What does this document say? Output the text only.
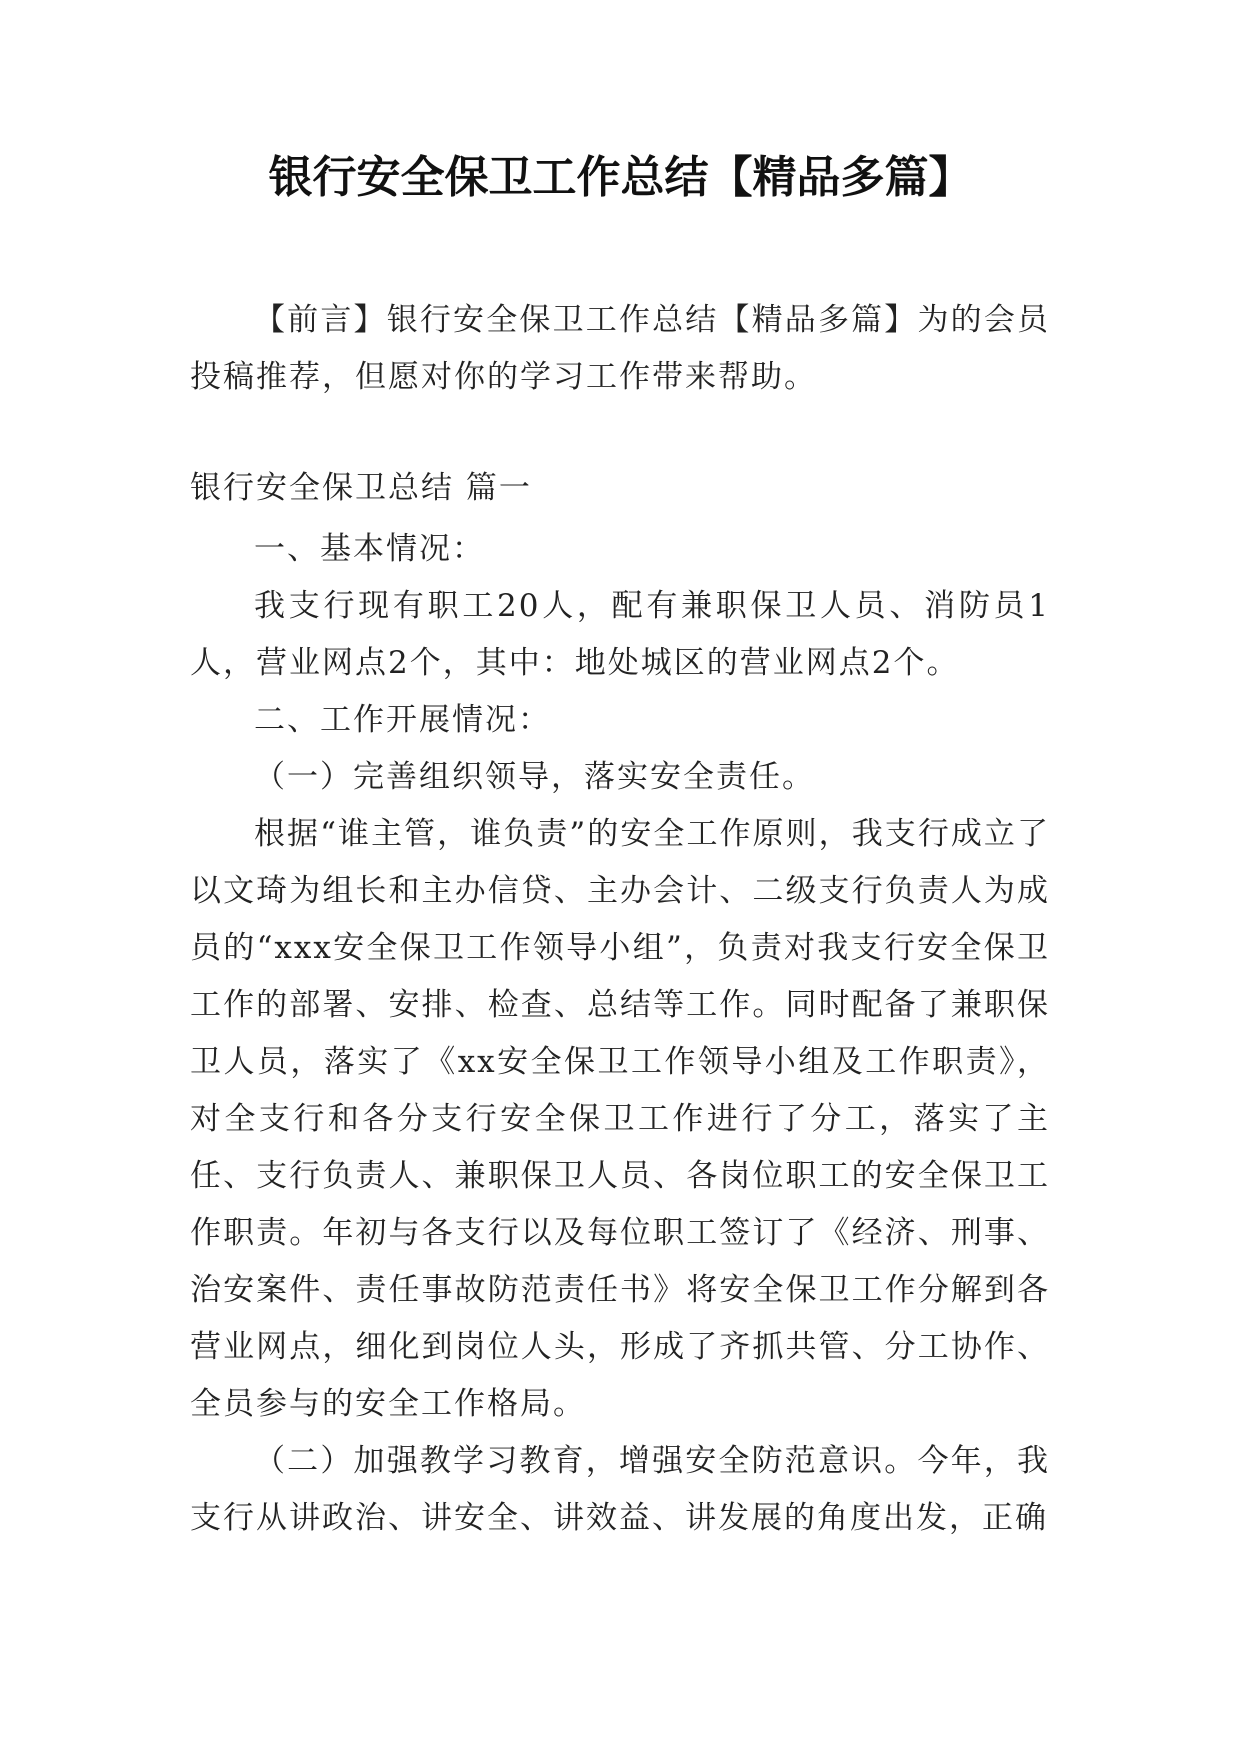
银行安全保卫工作总结【精品多篇】

【前言】银行安全保卫工作总结【精品多篇】为的会员投稿推荐，但愿对你的学习工作带来帮助。

银行安全保卫总结 篇一

一、基本情况：

我支行现有职工20人，配有兼职保卫人员、消防员1人，营业网点2个，其中：地处城区的营业网点2个。

二、工作开展情况：

（一）完善组织领导，落实安全责任。

根据“谁主管，谁负责”的安全工作原则，我支行成立了以文琦为组长和主办信贷、主办会计、二级支行负责人为成员的“xxx安全保卫工作领导小组”，负责对我支行安全保卫工作的部署、安排、检查、总结等工作。同时配备了兼职保卫人员，落实了《xx安全保卫工作领导小组及工作职责》，对全支行和各分支行安全保卫工作进行了分工，落实了主任、支行负责人、兼职保卫人员、各岗位职工的安全保卫工作职责。年初与各支行以及每位职工签订了《经济、刑事、治安案件、责任事故防范责任书》将安全保卫工作分解到各营业网点，细化到岗位人头，形成了齐抓共管、分工协作、全员参与的安全工作格局。

（二）加强教学习教育，增强安全防范意识。今年，我支行从讲政治、讲安全、讲效益、讲发展的角度出发，正确
